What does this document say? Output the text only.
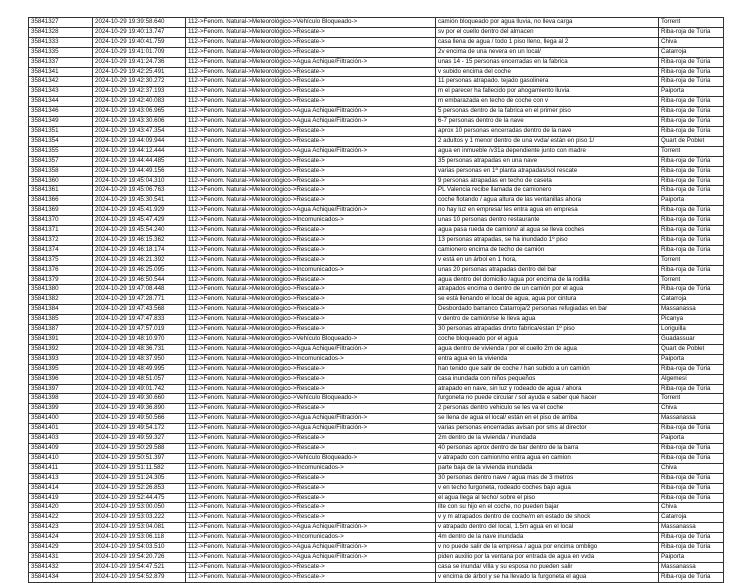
35841327	2024-10-29 19:39:58.640	112->Fenom. Natural->Meteorológico->Vehículo Bloqueado->	camión bloqueado por agua lluvia, no lleva carga	Torrent
35841328	2024-10-29 19:40:13.747	112->Fenom. Natural->Meteorológico->Rescate->	sv por el cuello dentro del almacen	Riba-roja de Túria
35841333	2024-10-29 19:40:41.759	112->Fenom. Natural->Meteorológico->Rescate->	casa llena de agua / todo 1 piso lleno, llega al 2	Chiva
35841335	2024-10-29 19:41:01.709	112->Fenom. Natural->Meteorológico->Rescate->	2v encima de una nevera en un local/	Catarroja
35841337	2024-10-29 19:41:24.736	112->Fenom. Natural->Meteorológico->Agua Achique/Filtración->	unas 14 - 15 personas encerradas en la fabrica	Riba-roja de Túria
35841341	2024-10-29 19:42:25.491	112->Fenom. Natural->Meteorológico->Rescate->	v subido encima del coche	Riba-roja de Túria
35841342	2024-10-29 19:42:30.272	112->Fenom. Natural->Meteorológico->Rescate->	11 personas atrapado. tejado gasolinera	Riba-roja de Túria
35841343	2024-10-29 19:42:37.193	112->Fenom. Natural->Meteorológico->Rescate->	m el parecer ha fallecido por ahogamiento lluvia	Paiporta
35841344	2024-10-29 19:42:40.083	112->Fenom. Natural->Meteorológico->Rescate->	m embarazada en techo de coche con v	Riba-roja de Túria
35841346	2024-10-29 19:43:06.965	112->Fenom. Natural->Meteorológico->Agua Achique/Filtración->	5 personas dentro de la fabrica en el primer piso	Riba-roja de Túria
35841349	2024-10-29 19:43:30.606	112->Fenom. Natural->Meteorológico->Agua Achique/Filtración->	6-7 personas dentro de la nave	Riba-roja de Túria
35841351	2024-10-29 19:43:47.354	112->Fenom. Natural->Meteorológico->Rescate->	aprox 10 personas encerradas dentro de la nave	Riba-roja de Túria
35841354	2024-10-29 19:44:09.944	112->Fenom. Natural->Meteorológico->Rescate->	2 adultos y 1 menor dentro de una vvda/ están en piso 1/	Quart de Poblet
35841355	2024-10-29 19:44:12.444	112->Fenom. Natural->Meteorológico->Agua Achique/Filtración->	agua en inmueble /v31a dependiente junto con madre	Torrent
35841357	2024-10-29 19:44:44.485	112->Fenom. Natural->Meteorológico->Rescate->	35 personas atrapadas en una nave	Riba-roja de Túria
35841358	2024-10-29 19:44:49.156	112->Fenom. Natural->Meteorológico->Rescate->	varias personas en 1ª planta atrapadas/sol rescate	Riba-roja de Túria
35841360	2024-10-29 19:45:04.310	112->Fenom. Natural->Meteorológico->Rescate->	9 personas atrapadas en techo de caseta	Riba-roja de Túria
35841361	2024-10-29 19:45:06.763	112->Fenom. Natural->Meteorológico->Rescate->	PL Valencia recibe llamada de camionero	Riba-roja de Túria
35841366	2024-10-29 19:45:30.541	112->Fenom. Natural->Meteorológico->Rescate->	coche flotando / agua altura de las ventanillas ahora	Paiporta
35841369	2024-10-29 19:45:41.929	112->Fenom. Natural->Meteorológico->Agua Achique/Filtración->	no hay luz en empresa/ les entra agua en empresa	Riba-roja de Túria
35841370	2024-10-29 19:45:47.429	112->Fenom. Natural->Meteorológico->Incomunicados->	unas 10 personas dentro restaurante	Riba-roja de Túria
35841371	2024-10-29 19:45:54.240	112->Fenom. Natural->Meteorológico->Rescate->	agua pasa rueda de camion// al agua se lleva coches	Riba-roja de Túria
35841372	2024-10-29 19:46:15.362	112->Fenom. Natural->Meteorológico->Rescate->	13 personas atrapadas, se ha inundado 1º piso	Riba-roja de Túria
35841374	2024-10-29 19:46:18.174	112->Fenom. Natural->Meteorológico->Rescate->	camionero encima de techo de camión	Riba-roja de Túria
35841375	2024-10-29 19:46:21.392	112->Fenom. Natural->Meteorológico->Rescate->	v está en un árbol en 1 hora,	Torrent
35841376	2024-10-29 19:46:25.095	112->Fenom. Natural->Meteorológico->Incomunicados->	unas 20 personas atrapadas dentro del bar	Riba-roja de Túria
35841379	2024-10-29 19:46:50.544	112->Fenom. Natural->Meteorológico->Rescate->	agua dentro del domicilio /agua por encima de la rodilla	Torrent
35841380	2024-10-29 19:47:08.448	112->Fenom. Natural->Meteorológico->Rescate->	atrapados encima o dentro de un camión por el agua	Riba-roja de Túria
35841382	2024-10-29 19:47:28.771	112->Fenom. Natural->Meteorológico->Rescate->	se está llenando el local de agua, agua por cintura	Catarroja
35841384	2024-10-29 19:47:43.568	112->Fenom. Natural->Meteorológico->Rescate->	Desbordado barranco Catarroja/2 personas refugiadas en bar	Massanassa
35841385	2024-10-29 19:47:47.833	112->Fenom. Natural->Meteorológico->Rescate->	v dentro de camión/se le lleva agua	Picanya
35841387	2024-10-29 19:47:57.019	112->Fenom. Natural->Meteorológico->Rescate->	30 personas atrapadas dnrto fabrica/estan 1º piso	Loriguilla
35841391	2024-10-29 19:48:10.970	112->Fenom. Natural->Meteorológico->Vehículo Bloqueado->	coche bloqueado por el agua	Guadassuar
35841392	2024-10-29 19:48:36.731	112->Fenom. Natural->Meteorológico->Agua Achique/Filtración->	agua dentro de vivienda / por el cuello 2m de agua	Quart de Poblet
35841393	2024-10-29 19:48:37.950	112->Fenom. Natural->Meteorológico->Incomunicados->	entra agua en la vivienda	Paiporta
35841395	2024-10-29 19:48:49.995	112->Fenom. Natural->Meteorológico->Rescate->	han tenido que salir de coche / han subido a un camión	Riba-roja de Túria
35841396	2024-10-29 19:48:51.057	112->Fenom. Natural->Meteorológico->Rescate->	casa inundada con niños pequeños	Algemesí
35841397	2024-10-29 19:49:01.742	112->Fenom. Natural->Meteorológico->Rescate->	atrapado en nave, sin luz y rodeado de agua / ahora	Riba-roja de Túria
35841398	2024-10-29 19:49:30.660	112->Fenom. Natural->Meteorológico->Vehículo Bloqueado->	furgoneta no puede circular / sol ayuda e saber qué hacer	Torrent
35841399	2024-10-29 19:49:36.890	112->Fenom. Natural->Meteorológico->Rescate->	2 personas dentro vehiculo se les va el coche	Chiva
35841400	2024-10-29 19:49:50.566	112->Fenom. Natural->Meteorológico->Agua Achique/Filtración->	se llena de agua el local/ están en el piso de arriba	Massanassa
35841401	2024-10-29 19:49:54.172	112->Fenom. Natural->Meteorológico->Agua Achique/Filtración->	varias personas encerradas avisan por sms al director	Riba-roja de Túria
35841403	2024-10-29 19:49:59.327	112->Fenom. Natural->Meteorológico->Rescate->	2m dentro de la vivienda / inundada	Paiporta
35841409	2024-10-29 19:50:29.588	112->Fenom. Natural->Meteorológico->Rescate->	40 personas aprox dentro de bar dentro de la barra	Riba-roja de Túria
35841410	2024-10-29 19:50:51.397	112->Fenom. Natural->Meteorológico->Vehículo Bloqueado->	v atrapado con camion/no entra agua en camion	Riba-roja de Túria
35841411	2024-10-29 19:51:11.582	112->Fenom. Natural->Meteorológico->Incomunicados->	parte baja de la vivienda inundada	Chiva
35841413	2024-10-29 19:51:24.305	112->Fenom. Natural->Meteorológico->Rescate->	30 personas dentro nave / agua mas de 3 metros	Riba-roja de Túria
35841414	2024-10-29 19:52:26.853	112->Fenom. Natural->Meteorológico->Rescate->	v en techo furgoneta, rodeado coches bajo agua	Riba-roja de Túria
35841419	2024-10-29 19:52:44.475	112->Fenom. Natural->Meteorológico->Rescate->	el agua llega al techo/ sobre el piso	Riba-roja de Túria
35841420	2024-10-29 19:53:00.050	112->Fenom. Natural->Meteorológico->Rescate->	llte con su hijo en el coche, no pueden bajar	Chiva
35841422	2024-10-29 19:53:03.222	112->Fenom. Natural->Meteorológico->Rescate->	v y m atrapados dentro de coche/m en estado de shock	Catarroja
35841423	2024-10-29 19:53:04.081	112->Fenom. Natural->Meteorológico->Agua Achique/Filtración->	v atrapado dentro del local, 1.5m agua en el local	Massanassa
35841424	2024-10-29 19:53:06.118	112->Fenom. Natural->Meteorológico->Incomunicados->	4m dentro de la nave inundada	Riba-roja de Túria
35841429	2024-10-29 19:54:03.510	112->Fenom. Natural->Meteorológico->Agua Achique/Filtración->	v no puede salir de la empresa / agua por encima ombligo	Riba-roja de Túria
35841431	2024-10-29 19:54:20.726	112->Fenom. Natural->Meteorológico->Agua Achique/Filtración->	piden auxilio por la ventana por entrada de agua en vvda	Paiporta
35841432	2024-10-29 19:54:47.521	112->Fenom. Natural->Meteorológico->Rescate->	casa se inunda/ vllla y su esposa no pueden salir	Massanassa
35841434	2024-10-29 19:54:52.879	112->Fenom. Natural->Meteorológico->Rescate->	v encima de árbol y se ha llevado la furgoneta el agua	Riba-roja de Túria
